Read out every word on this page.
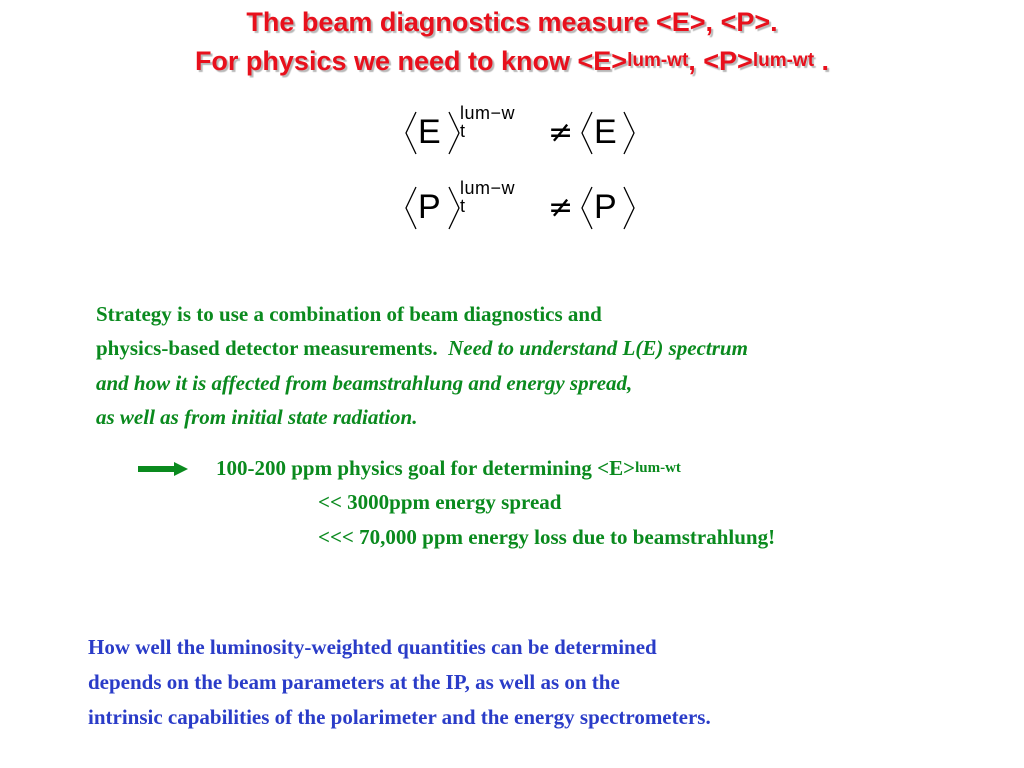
The beam diagnostics measure <E>, <P>.
For physics we need to know <E>$^{lum-wt}$, <P>$^{lum-wt}$ .
E lum−w t	≠ E
P lum−w t	≠ P
Strategy is to use a combination of beam diagnostics and
physics-based detector measurements. Need to understand L(E) spectrum
and how it is affected from beamstrahlung and energy spread,
as well as from initial state radiation.
100-200 ppm physics goal for determining <E>$^{lum-wt}$
<< 3000ppm energy spread
<<< 70,000 ppm energy loss due to beamstrahlung!
How well the luminosity-weighted quantities can be determined
depends on the beam parameters at the IP, as well as on the
intrinsic capabilities of the polarimeter and the energy spectrometers.
